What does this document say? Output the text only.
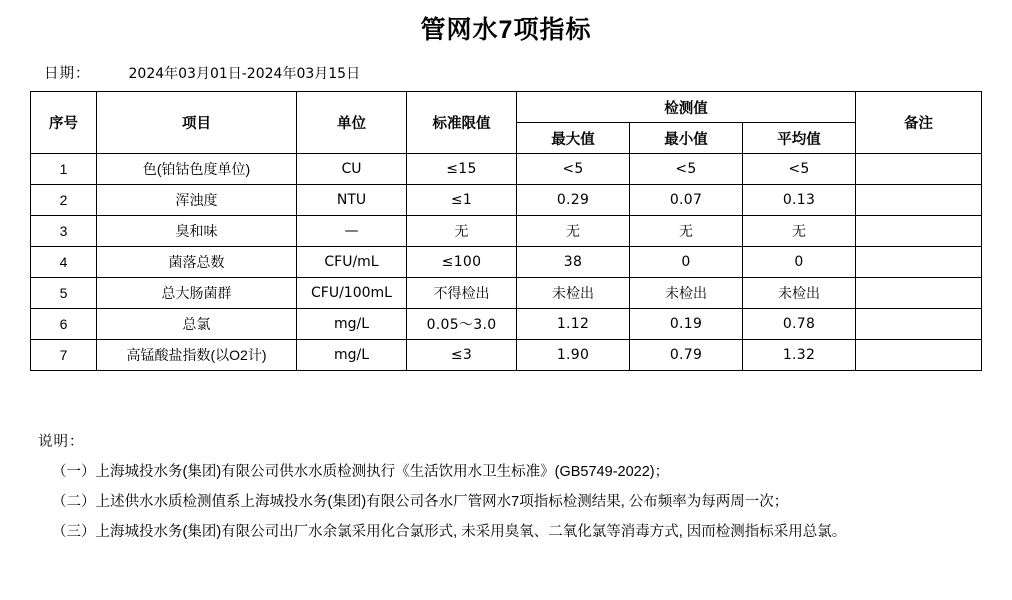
管网水7项指标
日期：	2024年03月01日-2024年03月15日
序号	项目	单位	标准限值	检测值			备注
				最大值	最小值	平均值	
1	色(铂钴色度单位)	CU	≤15	<5	<5	<5	
2	浑浊度	NTU	≤1	0.29	0.07	0.13	
3	臭和味	—	无	无	无	无	
4	菌落总数	CFU/mL	≤100	38	0	0	
5	总大肠菌群	CFU/100mL	不得检出	未检出	未检出	未检出	
6	总氯	mg/L	0.05～3.0	1.12	0.19	0.78	
7	高锰酸盐指数(以O2计)	mg/L	≤3	1.90	0.79	1.32	

说明：

（一）上海城投水务(集团)有限公司供水水质检测执行《生活饮用水卫生标准》(GB5749-2022)；

（二）上述供水水质检测值系上海城投水务(集团)有限公司各水厂管网水7项指标检测结果, 公布频率为每两周一次；

（三）上海城投水务(集团)有限公司出厂水余氯采用化合氯形式, 未采用臭氧、二氧化氯等消毒方式, 因而检测指标采用总氯。
